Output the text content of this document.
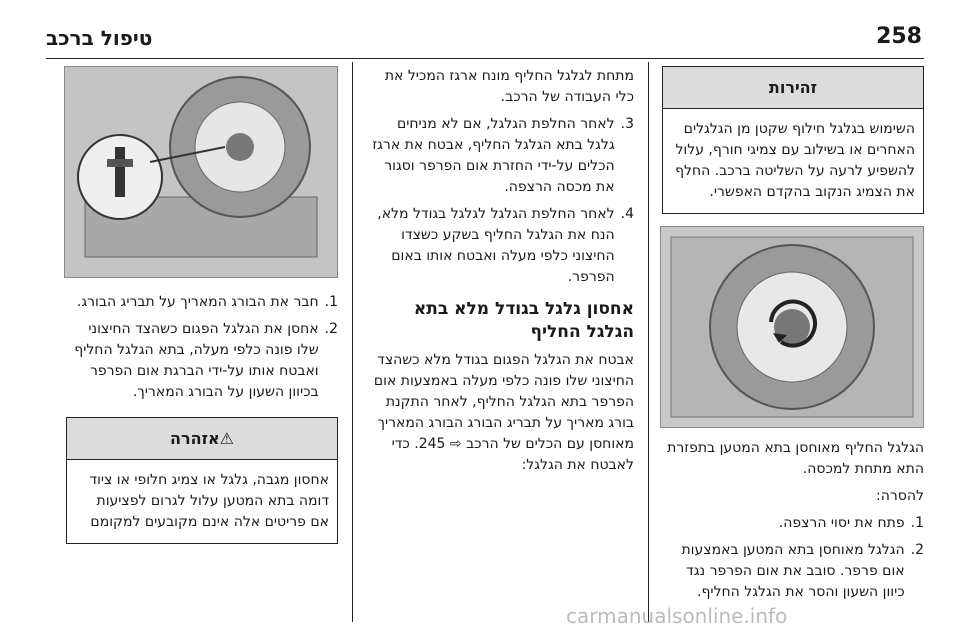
258
טיפול ברכב
זהירות
השימוש בגלגל חילוף שקטן מן הגלגלים האחרים או בשילוב עם צמיגי חורף, עלול להשפיע לרעה על השליטה ברכב. החלף את הצמיג הנקוב בהקדם האפשרי.

הגלגל החליף מאוחסן בתא המטען בתפזרת התא מתחת למכסה.

להסרה:

1.
פתח את יסוי הרצפה.
2.
הגלגל מאוחסן בתא המטען באמצעות אום פרפר. סובב את אום הפרפר נגד כיוון השעון והסר את הגלגל החליף.

מתחת לגלגל החליף מונח ארגז המכיל את כלי העבודה של הרכב.

3.
לאחר החלפת הגלגל, אם לא מניחים גלגל בתא הגלגל החליף, אבטח את ארגז הכלים על-ידי החזרת אום הפרפר וסגור את מכסה הרצפה.
4.
לאחר החלפת הגלגל לגלגל בגודל מלא, הנח את הגלגל החליף בשקע כשצדו החיצוני כלפי מעלה ואבטח אותו באום הפרפר.
אחסון גלגל בגודל מלא בתא הגלגל החליף

אבטח את הגלגל הפגום בגודל מלא כשהצד החיצוני שלו פונה כלפי מעלה באמצעות אום הפרפר בתא הגלגל החליף, לאחר התקנת בורג מאריך על תבריג הבורג הבורג המאריך מאוחסן עם הכלים של הרכב ⇨ 245. כדי לאבטח את הגלגל:

1.
חבר את הבורג המאריך על תבריג הבורג.
2.
אחסן את הגלגל הפגום כשהצד החיצוני שלו פונה כלפי מעלה, בתא הגלגל החליף ואבטח אותו על-ידי הברגת אום הפרפר בכיוון השעון על הבורג המאריך.
⚠אזהרה
אחסון מגבה, גלגל או צמיג חלופי או ציוד דומה בתא המטען עלול לגרום לפציעות אם פריטים אלה אינם מקובעים למקומם
carmanualsonline.info
